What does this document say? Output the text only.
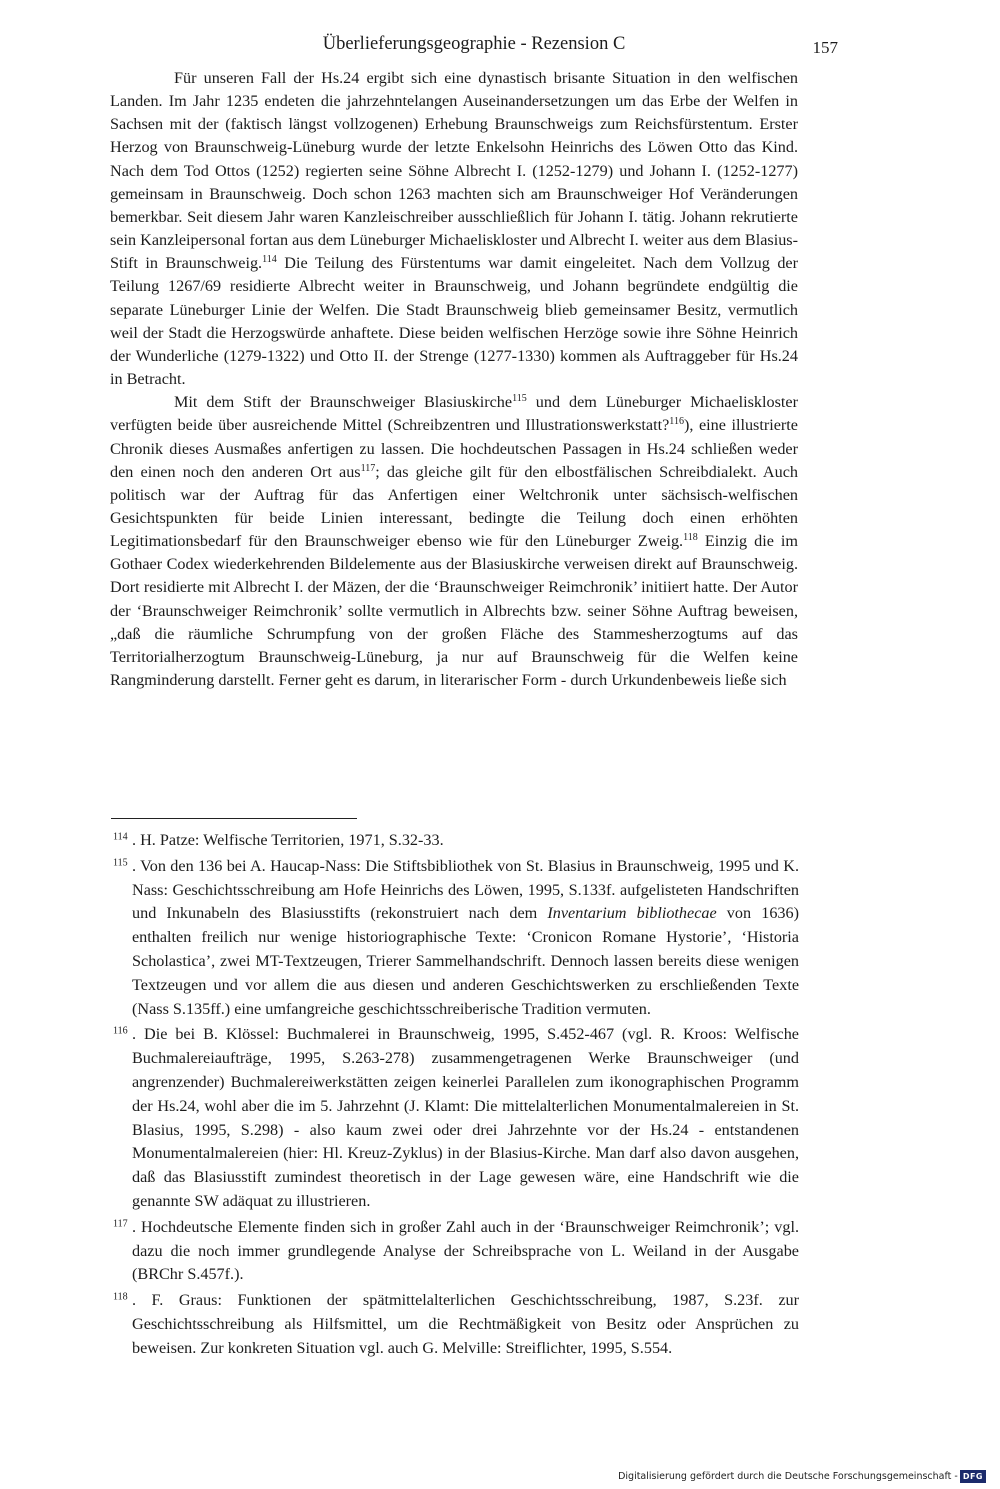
Überlieferungsgeographie - Rezension C	157

Für unseren Fall der Hs.24 ergibt sich eine dynastisch brisante Situation in den welfischen Landen. Im Jahr 1235 endeten die jahrzehntelangen Auseinandersetzungen um das Erbe der Welfen in Sachsen mit der (faktisch längst vollzogenen) Erhebung Braunschweigs zum Reichsfürstentum. Erster Herzog von Braunschweig-Lüneburg wurde der letzte Enkelsohn Heinrichs des Löwen Otto das Kind. Nach dem Tod Ottos (1252) regierten seine Söhne Albrecht I. (1252-1279) und Johann I. (1252-1277) gemeinsam in Braunschweig. Doch schon 1263 machten sich am Braunschweiger Hof Veränderungen bemerkbar. Seit diesem Jahr waren Kanzleischreiber ausschließlich für Johann I. tätig. Johann rekrutierte sein Kanzleipersonal fortan aus dem Lüneburger Michaeliskloster und Albrecht I. weiter aus dem Blasius-Stift in Braunschweig.$^{114}$ Die Teilung des Fürstentums war damit eingeleitet. Nach dem Vollzug der Teilung 1267/69 residierte Albrecht weiter in Braunschweig, und Johann begründete endgültig die separate Lüneburger Linie der Welfen. Die Stadt Braunschweig blieb gemeinsamer Besitz, vermutlich weil der Stadt die Herzogswürde anhaftete. Diese beiden welfischen Herzöge sowie ihre Söhne Heinrich der Wunderliche (1279-1322) und Otto II. der Strenge (1277-1330) kommen als Auftraggeber für Hs.24 in Betracht.

Mit dem Stift der Braunschweiger Blasiuskirche$^{115}$ und dem Lüneburger Michaeliskloster verfügten beide über ausreichende Mittel (Schreibzentren und Illustrationswerkstatt?$^{116}$), eine illustrierte Chronik dieses Ausmaßes anfertigen zu lassen. Die hochdeutschen Passagen in Hs.24 schließen weder den einen noch den anderen Ort aus$^{117}$; das gleiche gilt für den elbostfälischen Schreibdialekt. Auch politisch war der Auftrag für das Anfertigen einer Weltchronik unter sächsisch-welfischen Gesichtspunkten für beide Linien interessant, bedingte die Teilung doch einen erhöhten Legitimationsbedarf für den Braunschweiger ebenso wie für den Lüneburger Zweig.$^{118}$ Einzig die im Gothaer Codex wiederkehrenden Bildelemente aus der Blasiuskirche verweisen direkt auf Braunschweig. Dort residierte mit Albrecht I. der Mäzen, der die ‘Braunschweiger Reimchronik’ initiiert hatte. Der Autor der ‘Braunschweiger Reimchronik’ sollte vermutlich in Albrechts bzw. seiner Söhne Auftrag beweisen, „daß die räumliche Schrumpfung von der großen Fläche des Stammesherzogtums auf das Territorialherzogtum Braunschweig-Lüneburg, ja nur auf Braunschweig für die Welfen keine Rangminderung darstellt. Ferner geht es darum, in literarischer Form - durch Urkundenbeweis ließe sich

$^{114}$ . H. Patze: Welfische Territorien, 1971, S.32-33.
$^{115}$ . Von den 136 bei A. Haucap-Nass: Die Stiftsbibliothek von St. Blasius in Braunschweig, 1995 und K. Nass: Geschichtsschreibung am Hofe Heinrichs des Löwen, 1995, S.133f. aufgelisteten Handschriften und Inkunabeln des Blasiusstifts (rekonstruiert nach dem Inventarium bibliothecae von 1636) enthalten freilich nur wenige historiographische Texte: ‘Cronicon Romane Hystorie’, ‘Historia Scholastica’, zwei MT-Textzeugen, Trierer Sammelhandschrift. Dennoch lassen bereits diese wenigen Textzeugen und vor allem die aus diesen und anderen Geschichtswerken zu erschließenden Texte (Nass S.135ff.) eine umfangreiche geschichtsschreiberische Tradition vermuten.
$^{116}$ . Die bei B. Klössel: Buchmalerei in Braunschweig, 1995, S.452-467 (vgl. R. Kroos: Welfische Buchmalereiaufträge, 1995, S.263-278) zusammengetragenen Werke Braunschweiger (und angrenzender) Buchmalereiwerkstätten zeigen keinerlei Parallelen zum ikonographischen Programm der Hs.24, wohl aber die im 5. Jahrzehnt (J. Klamt: Die mittelalterlichen Monumentalmalereien in St. Blasius, 1995, S.298) - also kaum zwei oder drei Jahrzehnte vor der Hs.24 - entstandenen Monumentalmalereien (hier: Hl. Kreuz-Zyklus) in der Blasius-Kirche. Man darf also davon ausgehen, daß das Blasiusstift zumindest theoretisch in der Lage gewesen wäre, eine Handschrift wie die genannte SW adäquat zu illustrieren.
$^{117}$ . Hochdeutsche Elemente finden sich in großer Zahl auch in der ‘Braunschweiger Reimchronik’; vgl. dazu die noch immer grundlegende Analyse der Schreibsprache von L. Weiland in der Ausgabe (BRChr S.457f.).
$^{118}$ . F. Graus: Funktionen der spätmittelalterlichen Geschichtsschreibung, 1987, S.23f. zur Geschichtsschreibung als Hilfsmittel, um die Rechtmäßigkeit von Besitz oder Ansprüchen zu beweisen. Zur konkreten Situation vgl. auch G. Melville: Streiflichter, 1995, S.554.
Digitalisierung gefördert durch die Deutsche Forschungsgemeinschaft - DFG
